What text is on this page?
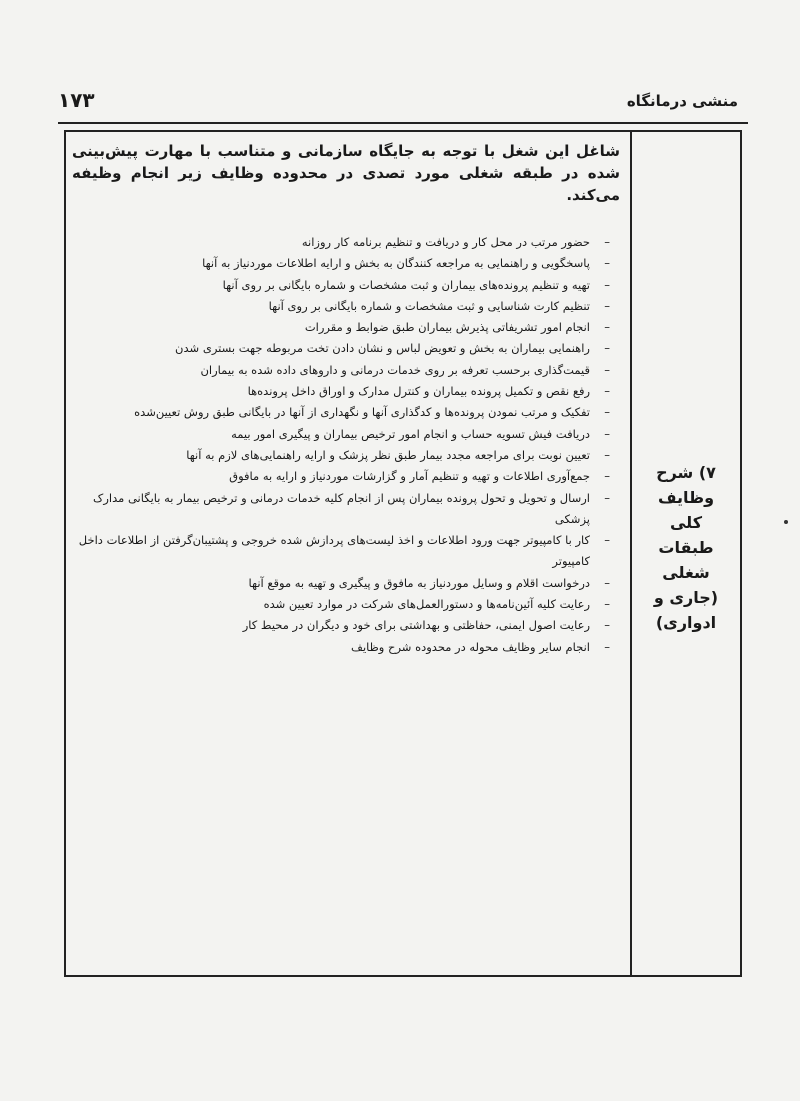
۱۷۳	منشی درمانگاه
۷) شرح
وظایف
کلی
طبقات
شغلی
(جاری و
ادواری)

شاغل این شغل با توجه به جایگاه سازمانی و متناسب با مهارت پیش‌بینی شده در طبقه شغلی مورد تصدی در محدوده وظایف زیر انجام وظیفه می‌کند.

–
حضور مرتب در محل کار و دریافت و تنظیم برنامه کار روزانه
–
پاسخگویی و راهنمایی به مراجعه کنندگان به بخش و ارایه اطلاعات موردنیاز به آنها
–
تهیه و تنظیم پرونده‌های بیماران و ثبت مشخصات و شماره بایگانی بر روی آنها
–
تنظیم کارت شناسایی و ثبت مشخصات و شماره بایگانی بر روی آنها
–
انجام امور تشریفاتی پذیرش بیماران طبق ضوابط و مقررات
–
راهنمایی بیماران به بخش و تعویض لباس و نشان دادن تخت مربوطه جهت بستری شدن
–
قیمت‌گذاری برحسب تعرفه بر روی خدمات درمانی و داروهای داده شده به بیماران
–
رفع نقص و تکمیل پرونده بیماران و کنترل مدارک و اوراق داخل پرونده‌ها
–
تفکیک و مرتب نمودن پرونده‌ها و کدگذاری آنها و نگهداری از آنها در بایگانی طبق روش تعیین‌شده
–
دریافت فیش تسویه حساب و انجام امور ترخیص بیماران و پیگیری امور بیمه
–
تعیین نوبت برای مراجعه مجدد بیمار طبق نظر پزشک و ارایه راهنمایی‌های لازم به آنها
–
جمع‌آوری اطلاعات و تهیه و تنظیم آمار و گزارشات موردنیاز و ارایه به مافوق
–
ارسال و تحویل و تحول پرونده بیماران پس از انجام کلیه خدمات درمانی و ترخیص بیمار به بایگانی مدارک پزشکی
–
کار با کامپیوتر جهت ورود اطلاعات و اخذ لیست‌های پردازش شده خروجی و پشتیبان‌گرفتن از اطلاعات داخل کامپیوتر
–
درخواست اقلام و وسایل موردنیاز به مافوق و پیگیری و تهیه به موقع آنها
–
رعایت کلیه آئین‌نامه‌ها و دستورالعمل‌های شرکت در موارد تعیین شده
–
رعایت اصول ایمنی، حفاظتی و بهداشتی برای خود و دیگران در محیط کار
–
انجام سایر وظایف محوله در محدوده شرح وظایف
